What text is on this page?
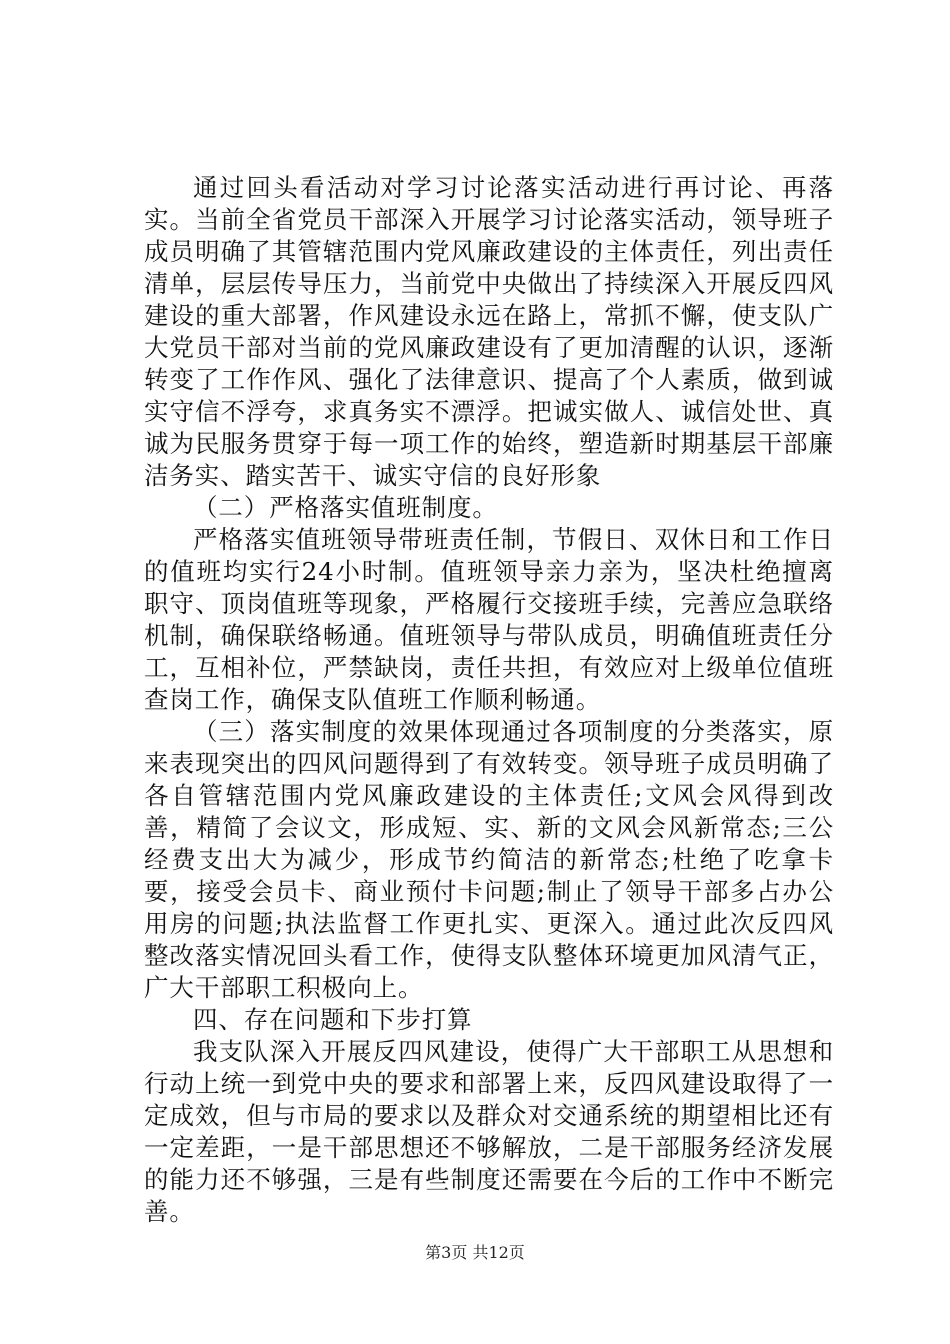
通过回头看活动对学习讨论落实活动进行再讨论、再落实。当前全省党员干部深入开展学习讨论落实活动，领导班子成员明确了其管辖范围内党风廉政建设的主体责任，列出责任清单，层层传导压力，当前党中央做出了持续深入开展反四风建设的重大部署，作风建设永远在路上，常抓不懈，使支队广大党员干部对当前的党风廉政建设有了更加清醒的认识，逐渐转变了工作作风、强化了法律意识、提高了个人素质，做到诚实守信不浮夸，求真务实不漂浮。把诚实做人、诚信处世、真诚为民服务贯穿于每一项工作的始终，塑造新时期基层干部廉洁务实、踏实苦干、诚实守信的良好形象

（二）严格落实值班制度。

严格落实值班领导带班责任制，节假日、双休日和工作日的值班均实行24小时制。值班领导亲力亲为，坚决杜绝擅离职守、顶岗值班等现象，严格履行交接班手续，完善应急联络机制，确保联络畅通。值班领导与带队成员，明确值班责任分工，互相补位，严禁缺岗，责任共担，有效应对上级单位值班查岗工作，确保支队值班工作顺利畅通。

（三）落实制度的效果体现通过各项制度的分类落实，原来表现突出的四风问题得到了有效转变。领导班子成员明确了各自管辖范围内党风廉政建设的主体责任;文风会风得到改善，精简了会议文，形成短、实、新的文风会风新常态;三公经费支出大为减少，形成节约简洁的新常态;杜绝了吃拿卡要，接受会员卡、商业预付卡问题;制止了领导干部多占办公用房的问题;执法监督工作更扎实、更深入。通过此次反四风整改落实情况回头看工作，使得支队整体环境更加风清气正，广大干部职工积极向上。

四、存在问题和下步打算

我支队深入开展反四风建设，使得广大干部职工从思想和行动上统一到党中央的要求和部署上来，反四风建设取得了一定成效，但与市局的要求以及群众对交通系统的期望相比还有一定差距，一是干部思想还不够解放，二是干部服务经济发展的能力还不够强，三是有些制度还需要在今后的工作中不断完善。

第3页 共12页
